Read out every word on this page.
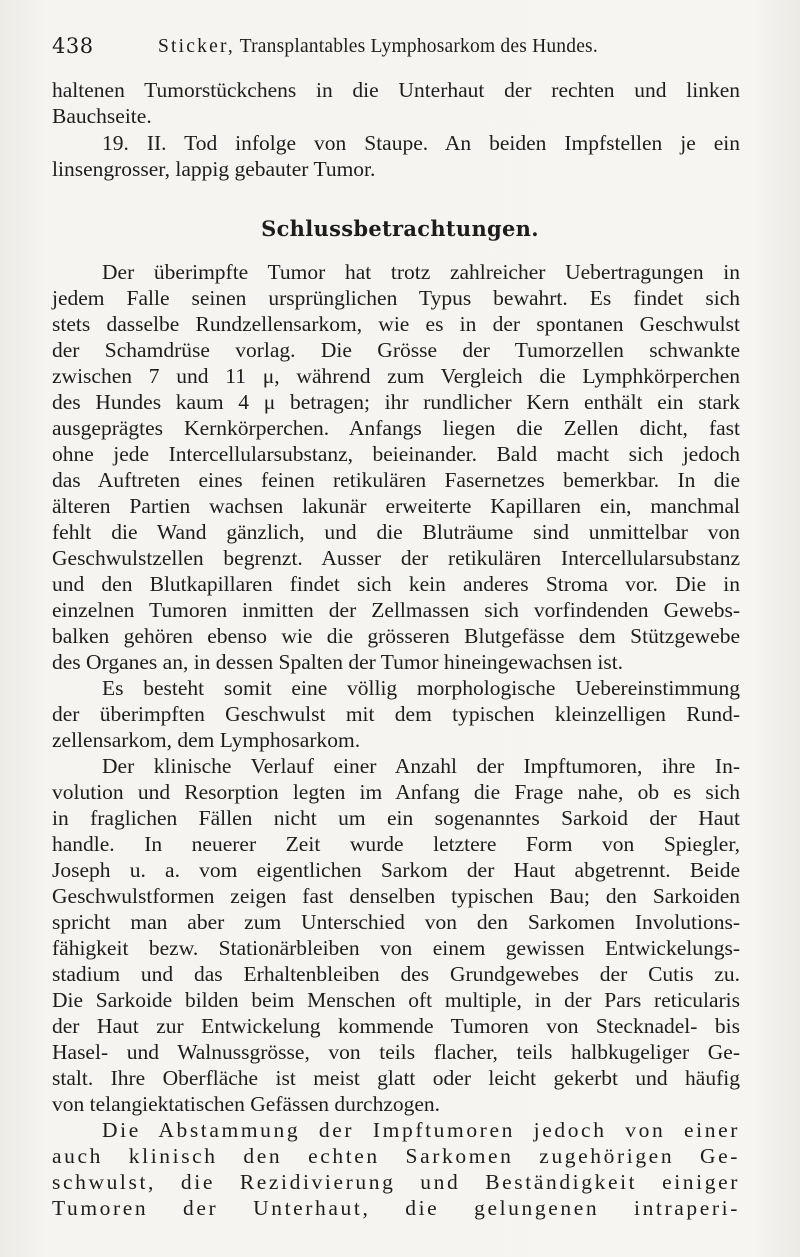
438	Sticker, Transplantables Lymphosarkom des Hundes.
Schlussbetrachtungen.
haltenen Tumorstückchens in die Unterhaut der rechten und linken
Bauchseite.
19. II. Tod infolge von Staupe. An beiden Impfstellen je ein
linsengrosser, lappig gebauter Tumor.
Der überimpfte Tumor hat trotz zahlreicher Uebertragungen in
jedem Falle seinen ursprünglichen Typus bewahrt. Es findet sich
stets dasselbe Rundzellensarkom, wie es in der spontanen Geschwulst
der Schamdrüse vorlag. Die Grösse der Tumorzellen schwankte
zwischen 7 und 11 μ, während zum Vergleich die Lymphkörperchen
des Hundes kaum 4 μ betragen; ihr rundlicher Kern enthält ein stark
ausgeprägtes Kernkörperchen. Anfangs liegen die Zellen dicht, fast
ohne jede Intercellularsubstanz, beieinander. Bald macht sich jedoch
das Auftreten eines feinen retikulären Fasernetzes bemerkbar. In die
älteren Partien wachsen lakunär erweiterte Kapillaren ein, manchmal
fehlt die Wand gänzlich, und die Bluträume sind unmittelbar von
Geschwulstzellen begrenzt. Ausser der retikulären Intercellularsubstanz
und den Blutkapillaren findet sich kein anderes Stroma vor. Die in
einzelnen Tumoren inmitten der Zellmassen sich vorfindenden Gewebs-
balken gehören ebenso wie die grösseren Blutgefässe dem Stützgewebe
des Organes an, in dessen Spalten der Tumor hineingewachsen ist.
Es besteht somit eine völlig morphologische Uebereinstimmung
der überimpften Geschwulst mit dem typischen kleinzelligen Rund-
zellensarkom, dem Lymphosarkom.
Der klinische Verlauf einer Anzahl der Impftumoren, ihre In-
volution und Resorption legten im Anfang die Frage nahe, ob es sich
in fraglichen Fällen nicht um ein sogenanntes Sarkoid der Haut
handle. In neuerer Zeit wurde letztere Form von Spiegler,
Joseph u. a. vom eigentlichen Sarkom der Haut abgetrennt. Beide
Geschwulstformen zeigen fast denselben typischen Bau; den Sarkoiden
spricht man aber zum Unterschied von den Sarkomen Involutions-
fähigkeit bezw. Stationärbleiben von einem gewissen Entwickelungs-
stadium und das Erhaltenbleiben des Grundgewebes der Cutis zu.
Die Sarkoide bilden beim Menschen oft multiple, in der Pars reticularis
der Haut zur Entwickelung kommende Tumoren von Stecknadel- bis
Hasel- und Walnussgrösse, von teils flacher, teils halbkugeliger Ge-
stalt. Ihre Oberfläche ist meist glatt oder leicht gekerbt und häufig
von telangiektatischen Gefässen durchzogen.
Die Abstammung der Impftumoren jedoch von einer
auch klinisch den echten Sarkomen zugehörigen Ge-
schwulst, die Rezidivierung und Beständigkeit einiger
Tumoren der Unterhaut, die gelungenen intraperi-
